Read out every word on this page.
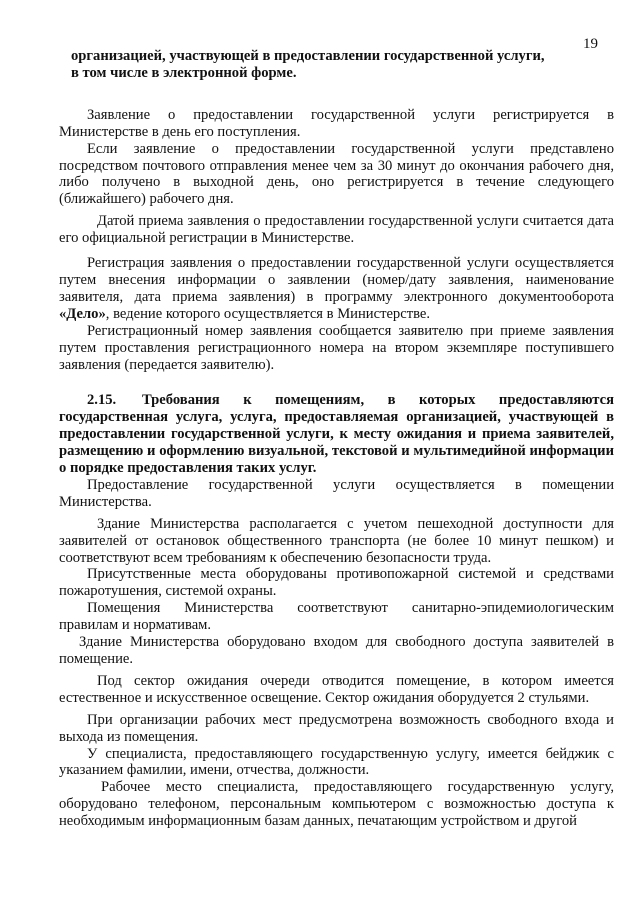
19
организацией, участвующей в предоставлении государственной услуги,
в том числе в электронной форме.

Заявление о предоставлении государственной услуги регистрируется в Министерстве в день его поступления.

Если заявление о предоставлении государственной услуги представлено посредством почтового отправления менее чем за 30 минут до окончания рабочего дня, либо получено в выходной день, оно регистрируется в течение следующего (ближайшего) рабочего дня.

Датой приема заявления о предоставлении государственной услуги считается дата его официальной регистрации в Министерстве.

Регистрация заявления о предоставлении государственной услуги осуществляется путем внесения информации о заявлении (номер/дату заявления, наименование заявителя, дата приема заявления) в программу электронного документооборота «Дело», ведение которого осуществляется в Министерстве.

Регистрационный номер заявления сообщается заявителю при приеме заявления путем проставления регистрационного номера на втором экземпляре поступившего заявления (передается заявителю).

2.15. Требования к помещениям, в которых предоставляются государственная услуга, услуга, предоставляемая организацией, участвующей в предоставлении государственной услуги, к месту ожидания и приема заявителей, размещению и оформлению визуальной, текстовой и мультимедийной информации о порядке предоставления таких услуг.

Предоставление государственной услуги осуществляется в помещении Министерства.

Здание Министерства располагается с учетом пешеходной доступности для заявителей от остановок общественного транспорта (не более 10 минут пешком) и соответствуют всем требованиям к обеспечению безопасности труда.

Присутственные места оборудованы противопожарной системой и средствами пожаротушения, системой охраны.

Помещения Министерства соответствуют санитарно-эпидемиологическим правилам и нормативам.

Здание Министерства оборудовано входом для свободного доступа заявителей в помещение.

Под сектор ожидания очереди отводится помещение, в котором имеется естественное и искусственное освещение. Сектор ожидания оборудуется 2 стульями.

При организации рабочих мест предусмотрена возможность свободного входа и выхода из помещения.

У специалиста, предоставляющего государственную услугу, имеется бейджик с указанием фамилии, имени, отчества, должности.

Рабочее место специалиста, предоставляющего государственную услугу, оборудовано телефоном, персональным компьютером с возможностью доступа к необходимым информационным базам данных, печатающим устройством и другой
